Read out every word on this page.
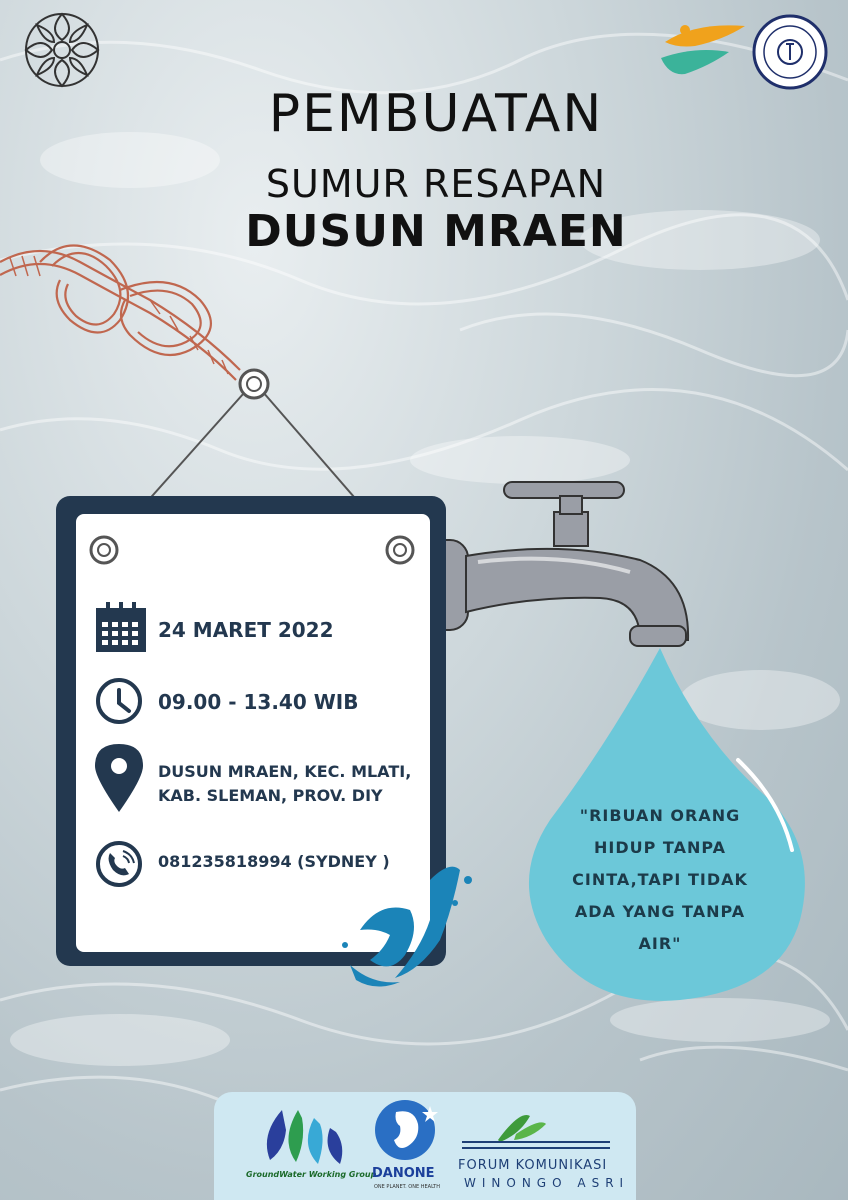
PEMBUATAN
SUMUR RESAPAN
DUSUN MRAEN
24 MARET 2022
09.00 - 13.40 WIB
DUSUN MRAEN, KEC. MLATI,
KAB. SLEMAN, PROV. DIY
081235818994 (SYDNEY )
"RIBUAN ORANG
HIDUP TANPA
CINTA,TAPI TIDAK
ADA YANG TANPA
AIR"
GroundWater Working Group
DANONE
ONE PLANET. ONE HEALTH
FORUM KOMUNIKASI
WINONGO ASRI
